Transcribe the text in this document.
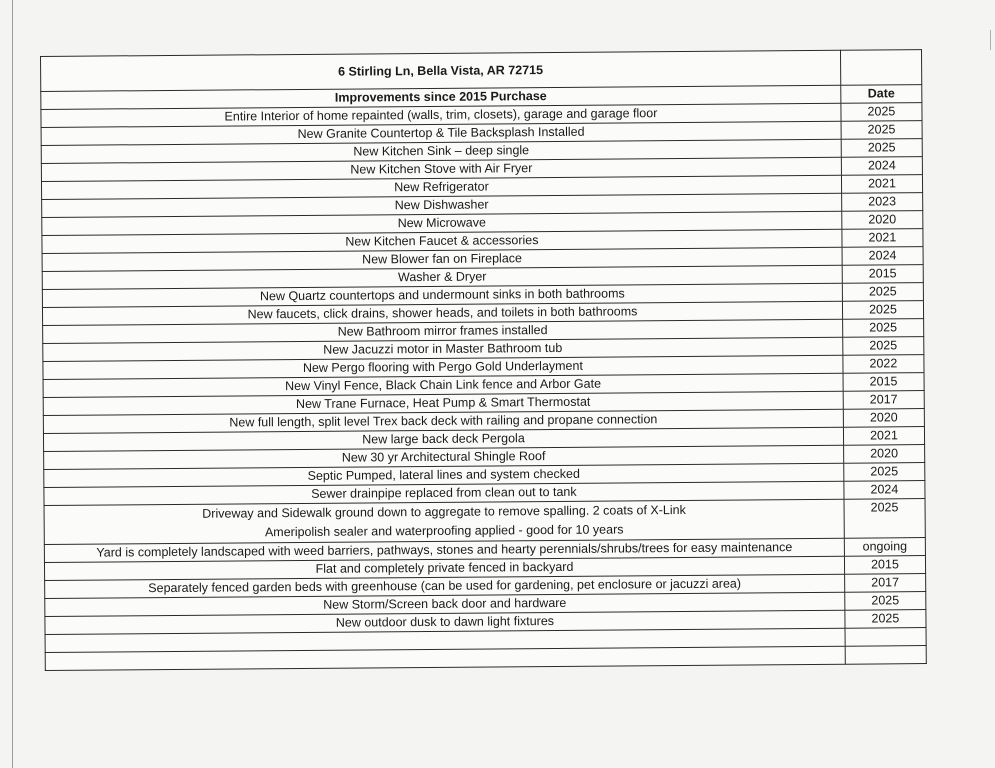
6 Stirling Ln, Bella Vista, AR 72715	
Improvements since 2015 Purchase	Date
Entire Interior of home repainted (walls, trim, closets), garage and garage floor	2025
New Granite Countertop & Tile Backsplash Installed	2025
New Kitchen Sink – deep single	2025
New Kitchen Stove with Air Fryer	2024
New Refrigerator	2021
New Dishwasher	2023
New Microwave	2020
New Kitchen Faucet & accessories	2021
New Blower fan on Fireplace	2024
Washer & Dryer	2015
New Quartz countertops and undermount sinks in both bathrooms	2025
New faucets, click drains, shower heads, and toilets in both bathrooms	2025
New Bathroom mirror frames installed	2025
New Jacuzzi motor in Master Bathroom tub	2025
New Pergo flooring with Pergo Gold Underlayment	2022
New Vinyl Fence, Black Chain Link fence and Arbor Gate	2015
New Trane Furnace, Heat Pump & Smart Thermostat	2017
New full length, split level Trex back deck with railing and propane connection	2020
New large back deck Pergola	2021
New 30 yr Architectural Shingle Roof	2020
Septic Pumped, lateral lines and system checked	2025
Sewer drainpipe replaced from clean out to tank	2024

Driveway and Sidewalk ground down to aggregate to remove spalling. 2 coats of X-Link
Ameripolish sealer and waterproofing applied - good for 10 years	2025
Yard is completely landscaped with weed barriers, pathways, stones and hearty perennials/shrubs/trees for easy maintenance	ongoing
Flat and completely private fenced in backyard	2015
Separately fenced garden beds with greenhouse (can be used for gardening, pet enclosure or jacuzzi area)	2017
New Storm/Screen back door and hardware	2025
New outdoor dusk to dawn light fixtures	2025
